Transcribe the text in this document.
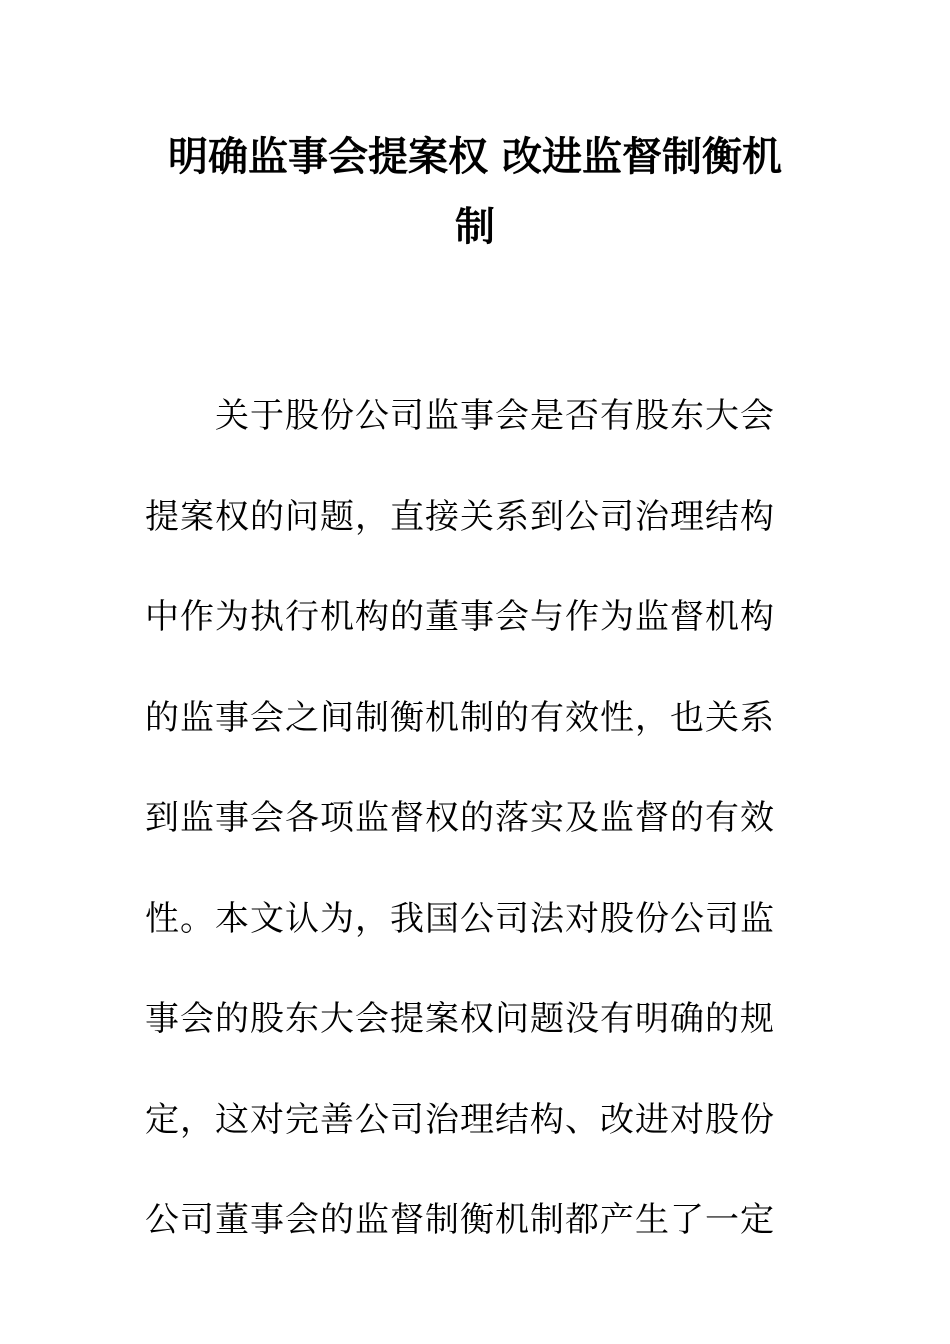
明确监事会提案权 改进监督制衡机
制
关于股份公司监事会是否有股东大会
提案权的问题，直接关系到公司治理结构
中作为执行机构的董事会与作为监督机构
的监事会之间制衡机制的有效性，也关系
到监事会各项监督权的落实及监督的有效
性。本文认为，我国公司法对股份公司监
事会的股东大会提案权问题没有明确的规
定，这对完善公司治理结构、改进对股份
公司董事会的监督制衡机制都产生了一定
